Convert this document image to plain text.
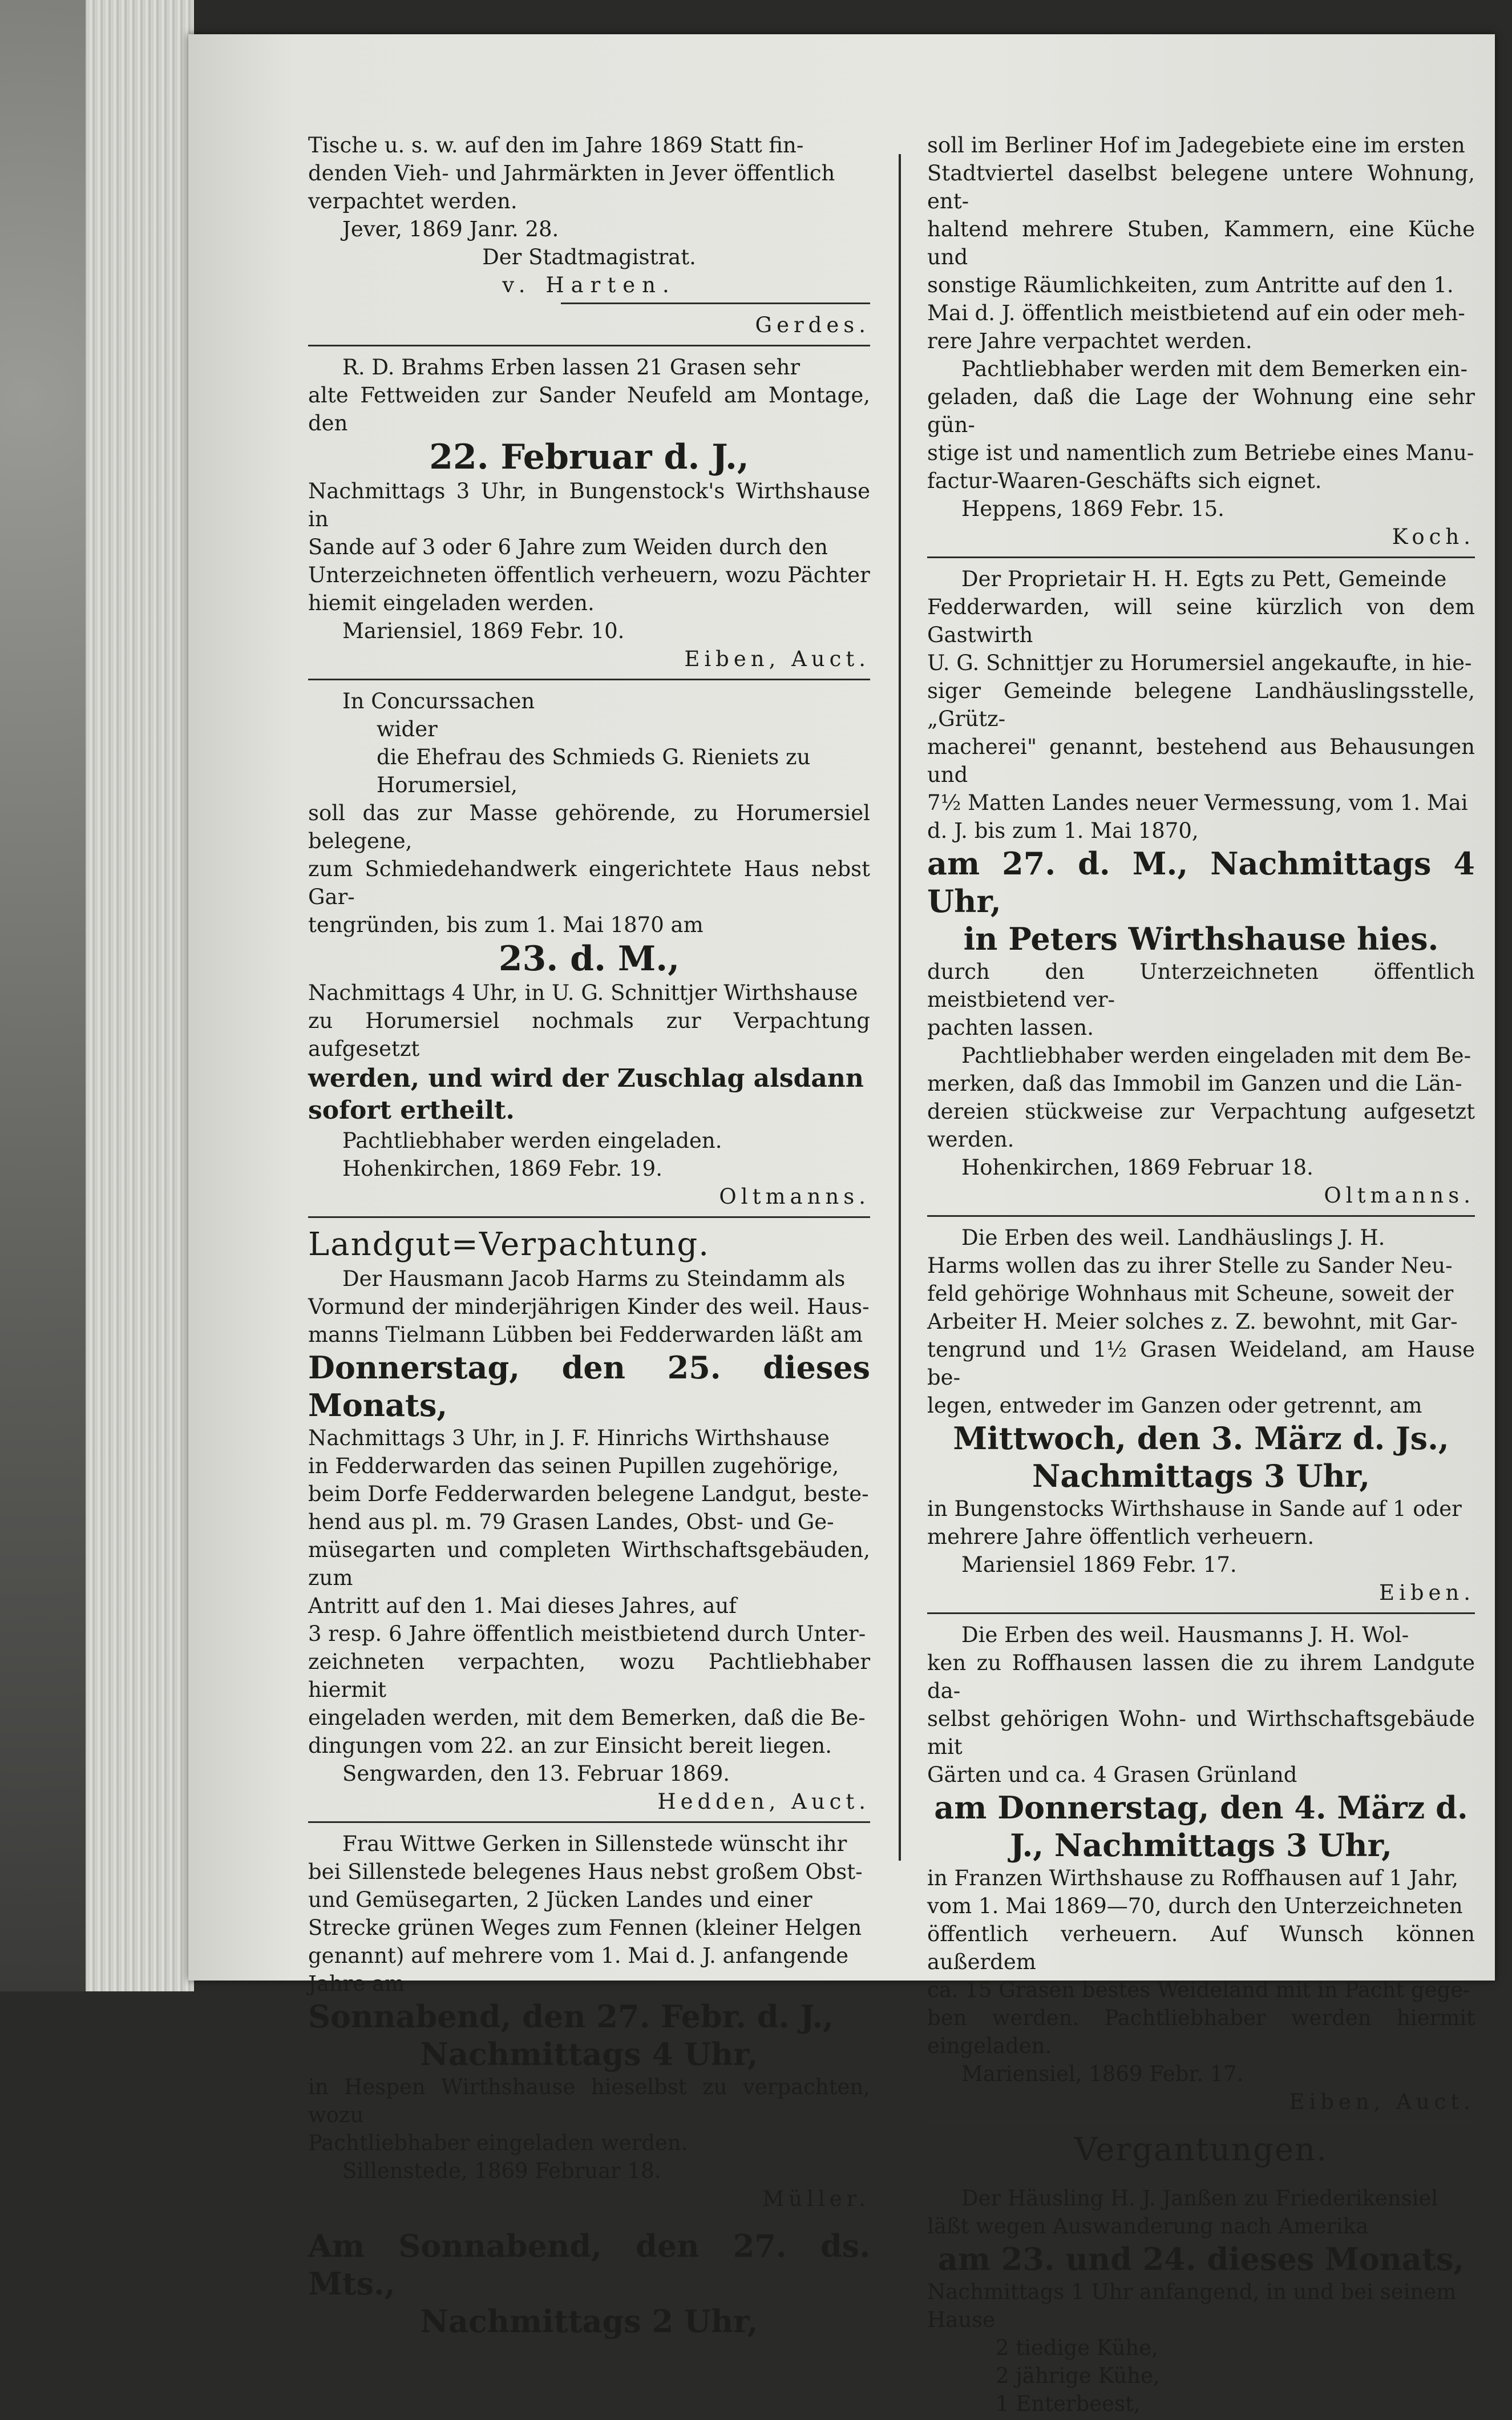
Tische u. s. w. auf den im Jahre 1869 Statt fin-

denden Vieh- und Jahrmärkten in Jever öffentlich

verpachtet werden.

Jever, 1869 Janr. 28.

Der Stadtmagistrat.

v. Harten.

Gerdes.

R. D. Brahms Erben lassen 21 Grasen sehr

alte Fettweiden zur Sander Neufeld am Montage, den

22. Februar d. J.,

Nachmittags 3 Uhr, in Bungenstock's Wirthshause in

Sande auf 3 oder 6 Jahre zum Weiden durch den

Unterzeichneten öffentlich verheuern, wozu Pächter

hiemit eingeladen werden.

Mariensiel, 1869 Febr. 10.

Eiben, Auct.

In Concurssachen

wider

die Ehefrau des Schmieds G. Rieniets zu

Horumersiel,

soll das zur Masse gehörende, zu Horumersiel belegene,

zum Schmiedehandwerk eingerichtete Haus nebst Gar-

tengründen, bis zum 1. Mai 1870 am

23. d. M.,

Nachmittags 4 Uhr, in U. G. Schnittjer Wirthshause

zu Horumersiel nochmals zur Verpachtung aufgesetzt

werden, und wird der Zuschlag alsdann

sofort ertheilt.

Pachtliebhaber werden eingeladen.

Hohenkirchen, 1869 Febr. 19.

Oltmanns.

Landgut=Verpachtung.

Der Hausmann Jacob Harms zu Steindamm als

Vormund der minderjährigen Kinder des weil. Haus-

manns Tielmann Lübben bei Fedderwarden läßt am

Donnerstag, den 25. dieses Monats,

Nachmittags 3 Uhr, in J. F. Hinrichs Wirthshause

in Fedderwarden das seinen Pupillen zugehörige,

beim Dorfe Fedderwarden belegene Landgut, beste-

hend aus pl. m. 79 Grasen Landes, Obst- und Ge-

müsegarten und completen Wirthschaftsgebäuden, zum

Antritt auf den 1. Mai dieses Jahres, auf

3 resp. 6 Jahre öffentlich meistbietend durch Unter-

zeichneten verpachten, wozu Pachtliebhaber hiermit

eingeladen werden, mit dem Bemerken, daß die Be-

dingungen vom 22. an zur Einsicht bereit liegen.

Sengwarden, den 13. Februar 1869.

Hedden, Auct.

Frau Wittwe Gerken in Sillenstede wünscht ihr

bei Sillenstede belegenes Haus nebst großem Obst-

und Gemüsegarten, 2 Jücken Landes und einer

Strecke grünen Weges zum Fennen (kleiner Helgen

genannt) auf mehrere vom 1. Mai d. J. anfangende

Jahre am

Sonnabend, den 27. Febr. d. J.,

Nachmittags 4 Uhr,

in Hespen Wirthshause hieselbst zu verpachten, wozu

Pachtliebhaber eingeladen werden.

Sillenstede, 1869 Februar 18.

Müller.

Am Sonnabend, den 27. ds. Mts.,

Nachmittags 2 Uhr,

soll im Berliner Hof im Jadegebiete eine im ersten

Stadtviertel daselbst belegene untere Wohnung, ent-

haltend mehrere Stuben, Kammern, eine Küche und

sonstige Räumlichkeiten, zum Antritte auf den 1.

Mai d. J. öffentlich meistbietend auf ein oder meh-

rere Jahre verpachtet werden.

Pachtliebhaber werden mit dem Bemerken ein-

geladen, daß die Lage der Wohnung eine sehr gün-

stige ist und namentlich zum Betriebe eines Manu-

factur-Waaren-Geschäfts sich eignet.

Heppens, 1869 Febr. 15.

Koch.

Der Proprietair H. H. Egts zu Pett, Gemeinde

Fedderwarden, will seine kürzlich von dem Gastwirth

U. G. Schnittjer zu Horumersiel angekaufte, in hie-

siger Gemeinde belegene Landhäuslingsstelle, „Grütz-

macherei" genannt, bestehend aus Behausungen und

7½ Matten Landes neuer Vermessung, vom 1. Mai

d. J. bis zum 1. Mai 1870,

am 27. d. M., Nachmittags 4 Uhr,

in Peters Wirthshause hies.

durch den Unterzeichneten öffentlich meistbietend ver-

pachten lassen.

Pachtliebhaber werden eingeladen mit dem Be-

merken, daß das Immobil im Ganzen und die Län-

dereien stückweise zur Verpachtung aufgesetzt werden.

Hohenkirchen, 1869 Februar 18.

Oltmanns.

Die Erben des weil. Landhäuslings J. H.

Harms wollen das zu ihrer Stelle zu Sander Neu-

feld gehörige Wohnhaus mit Scheune, soweit der

Arbeiter H. Meier solches z. Z. bewohnt, mit Gar-

tengrund und 1½ Grasen Weideland, am Hause be-

legen, entweder im Ganzen oder getrennt, am

Mittwoch, den 3. März d. Js.,

Nachmittags 3 Uhr,

in Bungenstocks Wirthshause in Sande auf 1 oder

mehrere Jahre öffentlich verheuern.

Mariensiel 1869 Febr. 17.

Eiben.

Die Erben des weil. Hausmanns J. H. Wol-

ken zu Roffhausen lassen die zu ihrem Landgute da-

selbst gehörigen Wohn- und Wirthschaftsgebäude mit

Gärten und ca. 4 Grasen Grünland

am Donnerstag, den 4. März d.

J., Nachmittags 3 Uhr,

in Franzen Wirthshause zu Roffhausen auf 1 Jahr,

vom 1. Mai 1869—70, durch den Unterzeichneten

öffentlich verheuern. Auf Wunsch können außerdem

ca. 15 Grasen bestes Weideland mit in Pacht gege-

ben werden. Pachtliebhaber werden hiermit eingeladen.

Mariensiel, 1869 Febr. 17.

Eiben, Auct.

Vergantungen.

Der Häusling H. J. Janßen zu Friederikensiel

läßt wegen Auswanderung nach Amerika

am 23. und 24. dieses Monats,

Nachmittags 1 Uhr anfangend, in und bei seinem

Hause

2 tiedige Kühe,

2 jährige Kühe,

1 Enterbeest,
